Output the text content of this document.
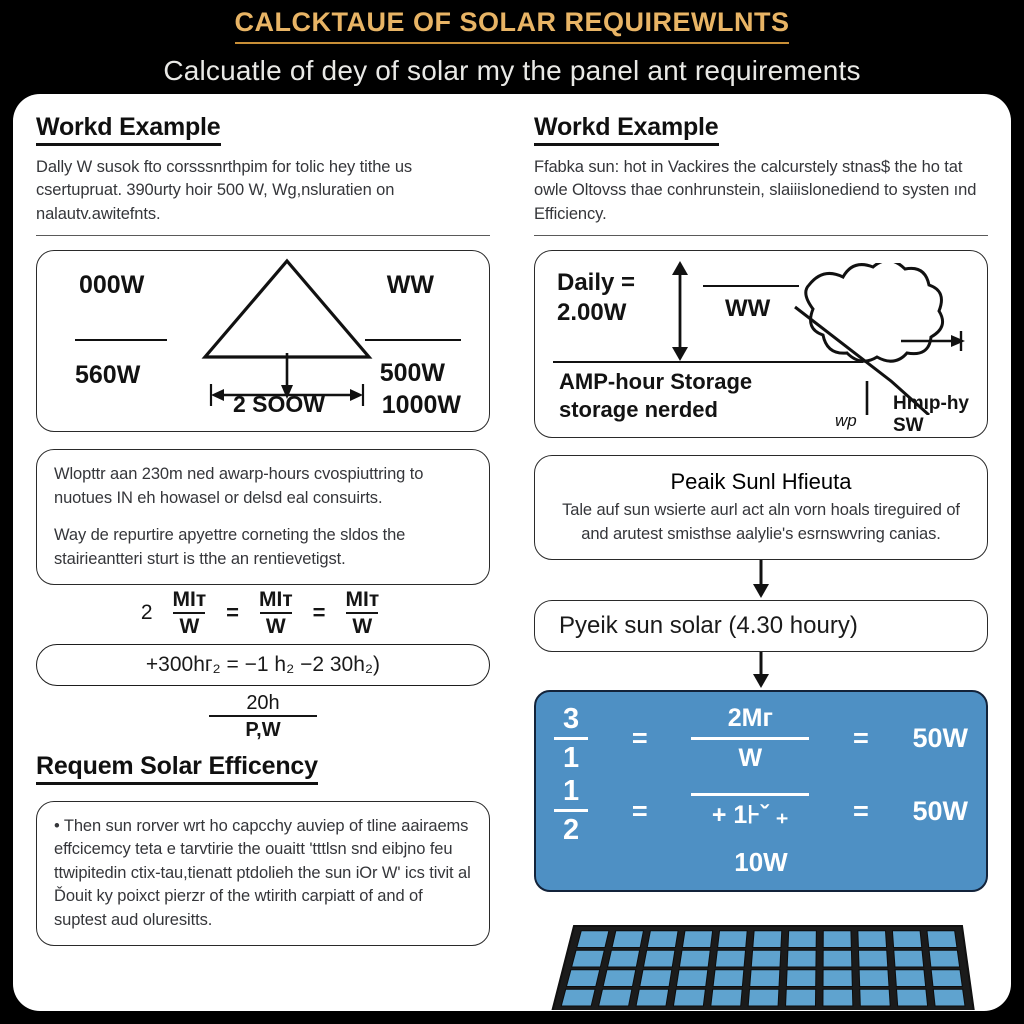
CALCKTAUE OF SOLAR REQUIREWLNTS
Calcuatle of dey of solar my the panel ant requirements
Workd Example

Dally W susok fto corsssnrthpim for tolic hey tithe us csertupruat. 390urty hoir 500 W, Wg,nsluratien on nalautv.awitefnts.

000W
560W
2 SOOW
WW
500W
1000W

Wlopttr aan 230m ned awarp-hours cvospiuttring to nuotues IN eh howasel or delsd eal consuirts.

Way de repurtire apyettre corneting the sldos the stairieantteri sturt is tthe an rentievetigst.

$2 \frac{\text{MIт}}{W} = \frac{\text{MIт}}{W} = \frac{\text{MIт}}{W}$
+300hг₂ = −1 h₂ −2 30h₂)
20h
P,W
Requem Solar Efficency

• Then sun rorver wrt ho capcchy auviep of tline aairaems effcicemcy teta e tarvtirie the ouaitt 'tttlsn snd eibjno feu ttwipitedin ctix-tau,tienatt ptdolieh the sun iOr W' ics tivit al Ďouit ky poixct pierzr of the wtirith carpiatt of and of suptest aud oluresitts.

Workd Example

Ffabka sun: hot in Vackires the calcurstely stnas$ the ho tat owle Oltovss thae conhrunstein, slaiiislonediend to systen ınd Efficiency.

Daily =
2.00W	WW
AMP-hour Storage
storage nerded	wp
Hmıp-hy SW
Peaik Sunl Hfieuta

Tale auf sun wsierte aurl act aln vorn hoals tireguired of and arutest smisthse aalylie's esrnswvring canias.

Pyeik sun solar (4.30 houry)
$\frac{3}{1}$ =
2Mг
W
= 50W
$\frac{1}{2}$ =	+ 1⊦ˇ ₊ = 50W
10W
